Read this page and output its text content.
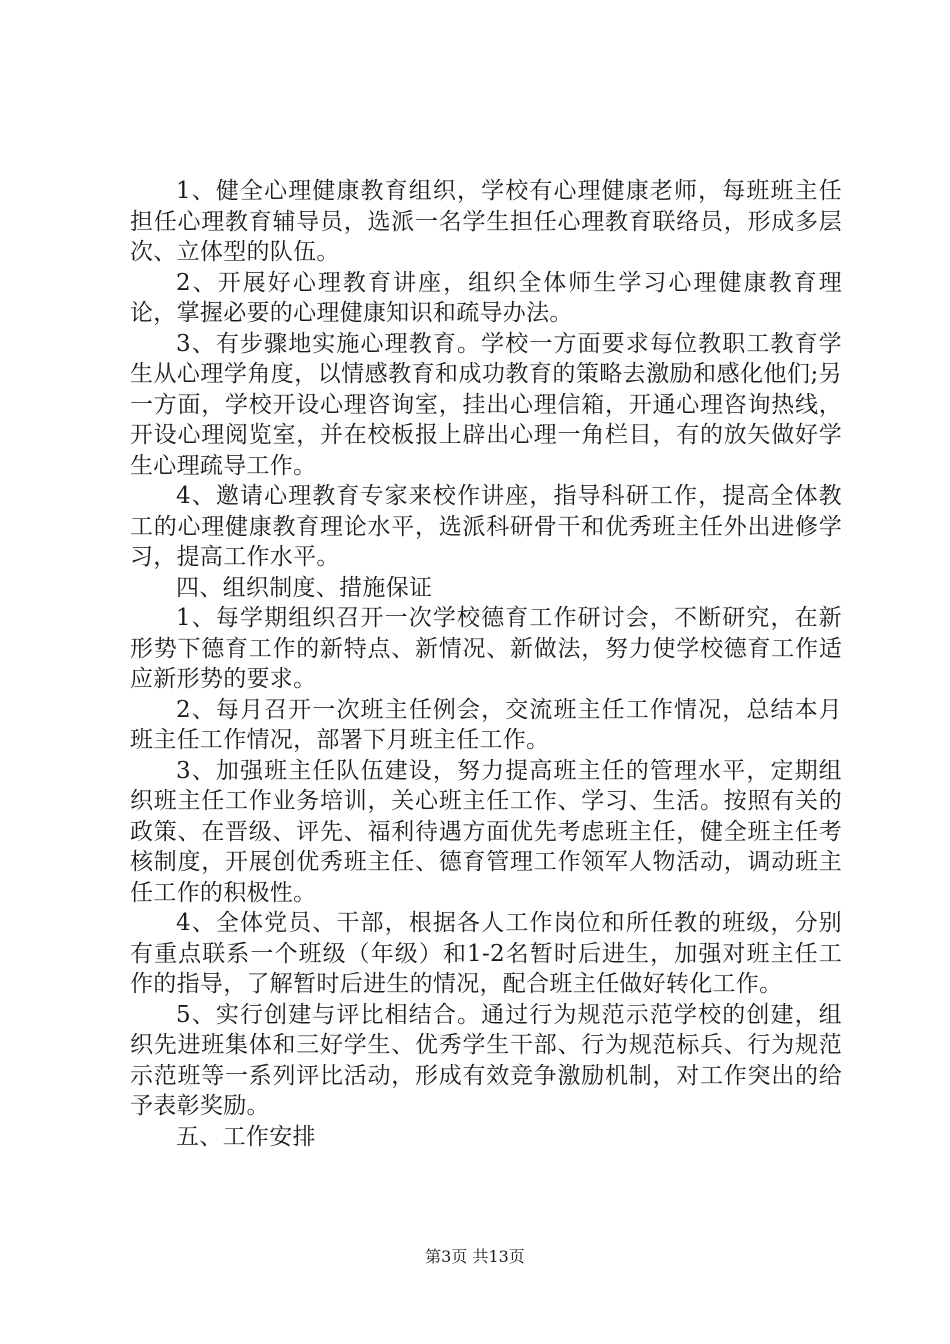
1、健全心理健康教育组织，学校有心理健康老师，每班班主任担任心理教育辅导员，选派一名学生担任心理教育联络员，形成多层次、立体型的队伍。

2、开展好心理教育讲座，组织全体师生学习心理健康教育理论，掌握必要的心理健康知识和疏导办法。

3、有步骤地实施心理教育。学校一方面要求每位教职工教育学生从心理学角度，以情感教育和成功教育的策略去激励和感化他们;另一方面，学校开设心理咨询室，挂出心理信箱，开通心理咨询热线，开设心理阅览室，并在校板报上辟出心理一角栏目，有的放矢做好学生心理疏导工作。

4、邀请心理教育专家来校作讲座，指导科研工作，提高全体教工的心理健康教育理论水平，选派科研骨干和优秀班主任外出进修学习，提高工作水平。

四、组织制度、措施保证

1、每学期组织召开一次学校德育工作研讨会，不断研究，在新形势下德育工作的新特点、新情况、新做法，努力使学校德育工作适应新形势的要求。

2、每月召开一次班主任例会，交流班主任工作情况，总结本月班主任工作情况，部署下月班主任工作。

3、加强班主任队伍建设，努力提高班主任的管理水平，定期组织班主任工作业务培训，关心班主任工作、学习、生活。按照有关的政策、在晋级、评先、福利待遇方面优先考虑班主任，健全班主任考核制度，开展创优秀班主任、德育管理工作领军人物活动，调动班主任工作的积极性。

4、全体党员、干部，根据各人工作岗位和所任教的班级，分别有重点联系一个班级（年级）和1-2名暂时后进生，加强对班主任工作的指导，了解暂时后进生的情况，配合班主任做好转化工作。

5、实行创建与评比相结合。通过行为规范示范学校的创建，组织先进班集体和三好学生、优秀学生干部、行为规范标兵、行为规范示范班等一系列评比活动，形成有效竞争激励机制，对工作突出的给予表彰奖励。

五、工作安排

第3页 共13页
